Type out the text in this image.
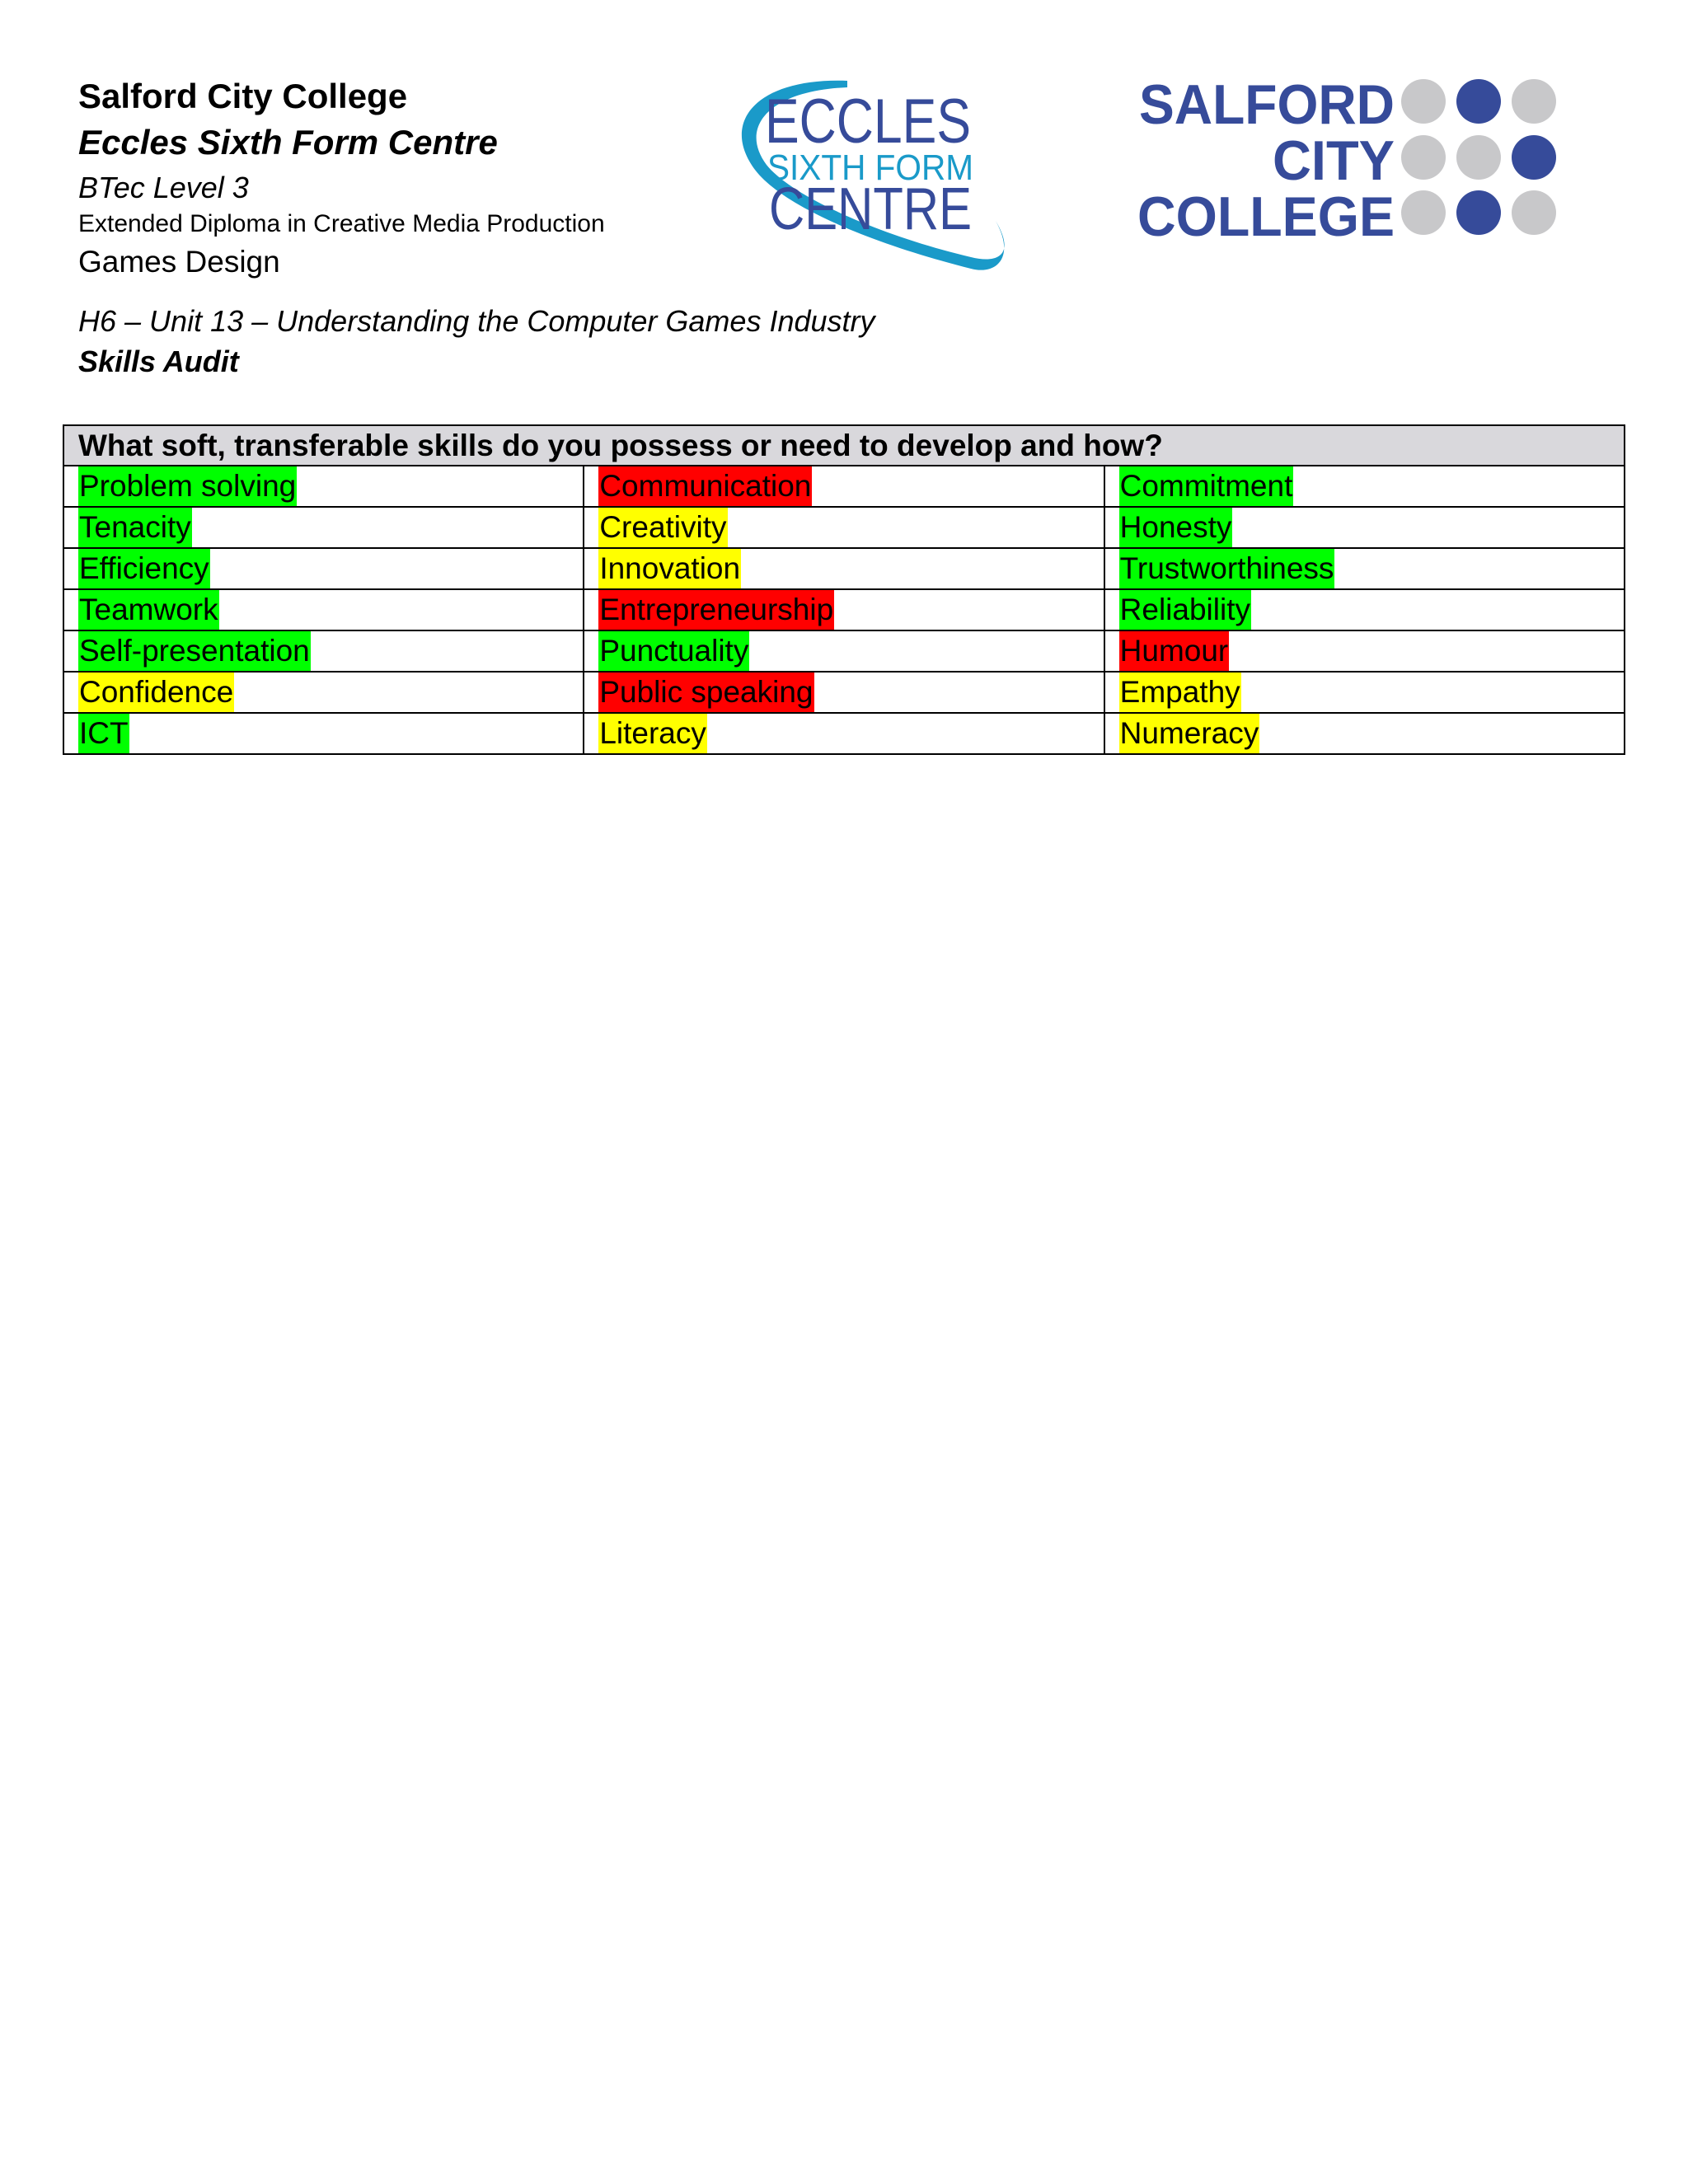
Salford City College
Eccles Sixth Form Centre
BTec Level 3
Extended Diploma in Creative Media Production
Games Design
H6 – Unit 13 – Understanding the Computer Games Industry
Skills Audit
ECCLES
SIXTH FORM
CENTRE
SALFORD
CITY
COLLEGE
What soft, transferable skills do you possess or need to develop and how?		
Problem solving	Communication	Commitment
Tenacity	Creativity	Honesty
Efficiency	Innovation	Trustworthiness
Teamwork	Entrepreneurship	Reliability
Self-presentation	Punctuality	Humour
Confidence	Public speaking	Empathy
ICT	Literacy	Numeracy
